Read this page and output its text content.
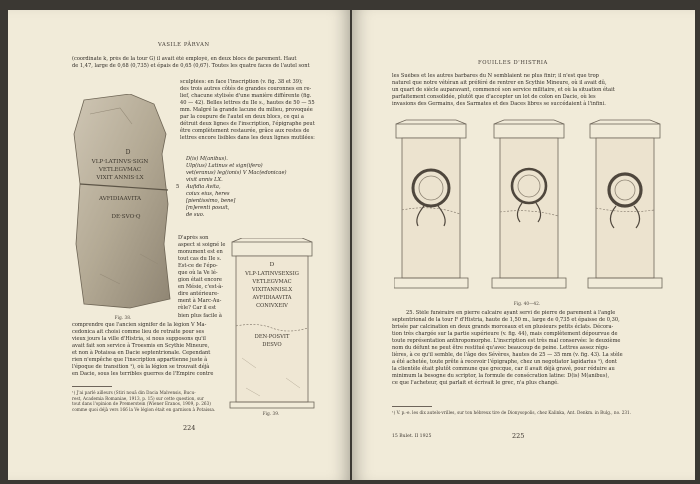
VASILE PÂRVAN
(coordinate k, près de la tour G) il avait été employé, en deux blocs de parement. Haut
de 1,47, large de 0,68 (0,735) et épais de 0,65 (0,67). Toutes les quatre faces de l'autel sont
D
VLP·LATINVS·SIGN
VETLEGVMAC
VIXIT ANNIS·LX
AVFIDIAAVITA
DE·SVO·Q
Fig. 38.
sculptées: en face l'inscription (v. fig. 38 et 39);
des trois autres côtés de grandes couronnes en re-
lief, chacune stylisée d'une manière différente (fig.
40 — 42). Belles lettres du IIe s., hautes de 50 — 55
mm. Malgré la grande lacune du milieu, provoquée
par la coupure de l'autel en deux blocs, ce qui a
détruit deux lignes de l'inscription, l'épigraphe peut
être complètement restaurée, grâce aux restes de
lettres encore lisibles dans les deux lignes mutilées:
D(is) M(anibus).
Ulp(ius) Latinus et sign(ifero)
vet(eranus) leg(ionis) V Mac(edonicae)
vixit annis LX.
Aufidia Avita,
coiux eius, heres
[pientissimo, bene]
[m]erenti posuit,
de suo.
5
D'après son
aspect si soigné le
monument est en
tout cas du IIe s.
Est-ce de l'épo-
que où la Ve lé-
gion était encore
en Mésie, c'est-à-
dire antérieure-
ment à Marc-Au-
rèle? Car il est
bien plus facile à
D
VLP·LATINVSEXSIG
VETLEGVMAC
VIXITANNISLX
AVFIDIAAVITA
CONIVXEIV
DEN·POSVIT
DESVO
Fig. 39.
comprendre que l'ancien signifer de la légion V Ma-
cedonica ait choisi comme lieu de retraite pour ses
vieux jours la ville d'Histria, si nous supposons qu'il
avait fait son service à Troesmis en Scythie Mineure,
et non à Potaissa en Dacie septentrionale. Cependant
rien n'empêche que l'inscription appartienne juste à
l'époque de transition ¹), où la légion se trouvait déjà
en Dacie, sous les terribles guerres de l'Empire contre
¹) J'ai parlé ailleurs (Stiri nouă din Dacia Malvensis, Bucu-
rest, Academia Romaniae, 1913, p. 15) sur cette question, sur
tout dans l'opinion de Premerstein (Wiener Eranos, 1909, p. 263)
comme quoi déjà vers 166 la Ve légion était en garnison à Potaissa.
224
FOUILLES D'HISTRIA
les Suèbes et les autres barbares du N semblaient ne plus finir; il n'est que trop
naturel que notre vétéran ait préféré de rentrer en Scythie Mineure, où il avait dû,
un quart de siècle auparavant, commencé son service militaire, et où la situation était
parfaitement consolidée, plutôt que d'accepter un lot de colon en Dacie, où les
invasions des Germains, des Sarmates et des Daces libres se succédaient à l'infini.
Fig. 40—42.
25. Stèle funéraire en pierre calcaire ayant servi de pierre de parement à l'angle
septentrional de la tour F d'Histria, haute de 1,50 m., large de 0,735 et épaisse de 0,30,
brisée par calcination en deux grands morceaux et en plusieurs petits éclats. Décora-
tion très chargée sur la partie supérieure (v. fig. 44), mais complètement dépourvue de
toute représentation anthropomorphe. L'inscription est très mal conservée: le deuxième
nom du défunt ne peut être restitué qu'avec beaucoup de peine. Lettres assez régu-
lières, à ce qu'il semble, de l'âge des Sévères, hautes de 25 — 35 mm (v. fig. 43). La stèle
a été achetée, toute prête à recevoir l'épigraphe, chez un negotiator lapidarius ¹), dont
la clientèle était plutôt commune que grecque, car il avait déjà gravé, pour réduire au
minimum la besogne du scriptor, la formule de consécration latine: D(is) M(anibus),
ce que l'acheteur, qui parlait et écrivait le grec, n'a plus changé.
¹) V. p.-e. les dix autels-vrilles, sur ton hébreux tire de Dionysopolis, chez Kalinka, Ant. Denkm. in Bulg., no. 231.
15 Bulet. II 1925	225
